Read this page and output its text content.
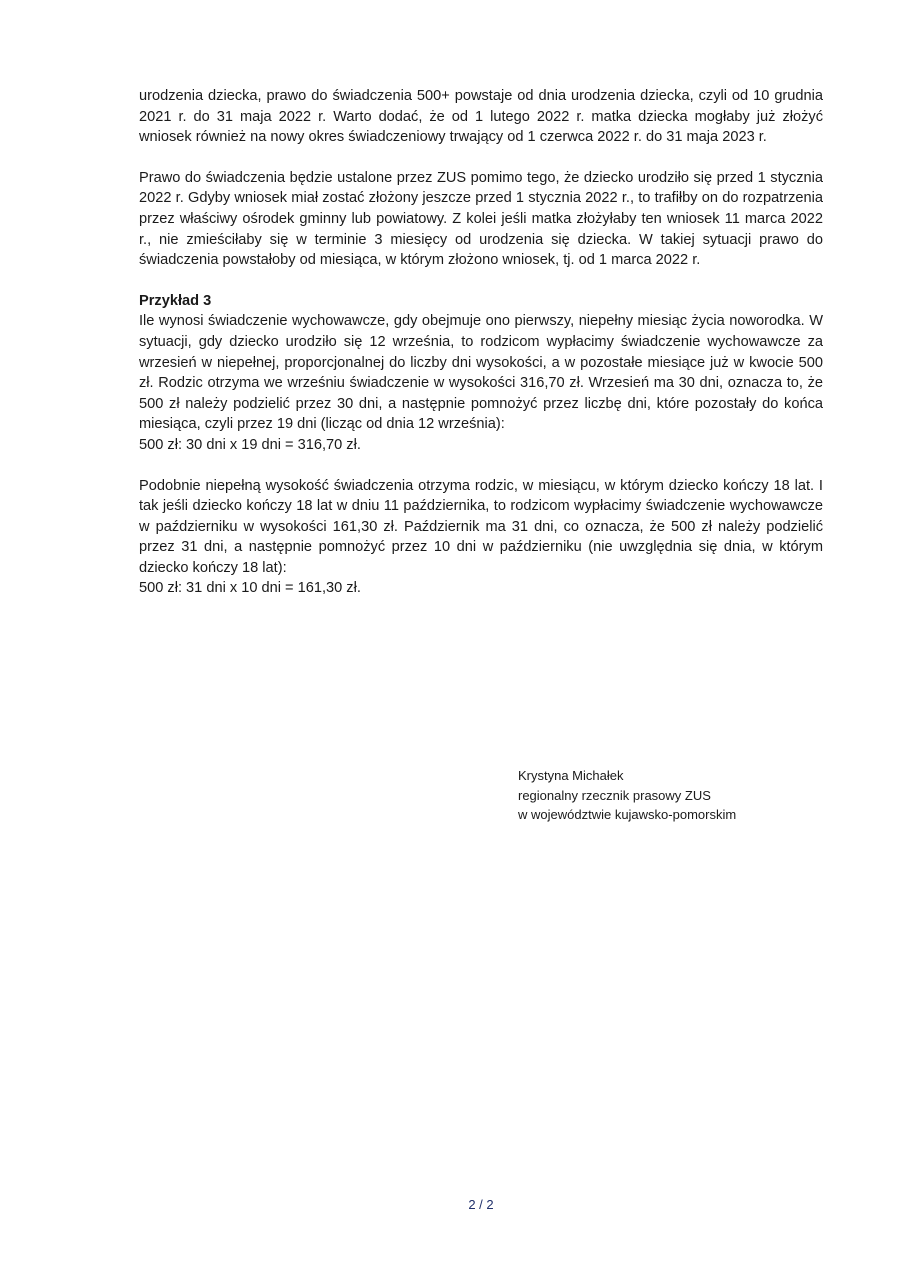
urodzenia dziecka, prawo do świadczenia 500+ powstaje od dnia urodzenia dziecka, czyli od 10 grudnia 2021 r. do 31 maja 2022 r. Warto dodać, że od 1 lutego 2022 r. matka dziecka mogłaby już złożyć wniosek również na nowy okres świadczeniowy trwający od 1 czerwca 2022 r. do 31 maja 2023 r.

Prawo do świadczenia będzie ustalone przez ZUS pomimo tego, że dziecko urodziło się przed 1 stycznia 2022 r. Gdyby wniosek miał zostać złożony jeszcze przed 1 stycznia 2022 r., to trafiłby on do rozpatrzenia przez właściwy ośrodek gminny lub powiatowy. Z kolei jeśli matka złożyłaby ten wniosek 11 marca 2022 r., nie zmieściłaby się w terminie 3 miesięcy od urodzenia się dziecka. W takiej sytuacji prawo do świadczenia powstałoby od miesiąca, w którym złożono wniosek, tj. od 1 marca 2022 r.

Przykład 3

Ile wynosi świadczenie wychowawcze, gdy obejmuje ono pierwszy, niepełny miesiąc życia noworodka. W sytuacji, gdy dziecko urodziło się 12 września, to rodzicom wypłacimy świadczenie wychowawcze za wrzesień w niepełnej, proporcjonalnej do liczby dni wysokości, a w pozostałe miesiące już w kwocie 500 zł. Rodzic otrzyma we wrześniu świadczenie w wysokości 316,70 zł. Wrzesień ma 30 dni, oznacza to, że 500 zł należy podzielić przez 30 dni, a następnie pomnożyć przez liczbę dni, które pozostały do końca miesiąca, czyli przez 19 dni (licząc od dnia 12 września):

500 zł: 30 dni x 19 dni = 316,70 zł.

Podobnie niepełną wysokość świadczenia otrzyma rodzic, w miesiącu, w którym dziecko kończy 18 lat. I tak jeśli dziecko kończy 18 lat w dniu 11 października, to rodzicom wypłacimy świadczenie wychowawcze w październiku w wysokości 161,30 zł. Październik ma 31 dni, co oznacza, że 500 zł należy podzielić przez 31 dni, a następnie pomnożyć przez 10 dni w październiku (nie uwzględnia się dnia, w którym dziecko kończy 18 lat):

500 zł: 31 dni x 10 dni = 161,30 zł.

Krystyna Michałek
regionalny rzecznik prasowy ZUS
w województwie kujawsko-pomorskim
2 / 2
